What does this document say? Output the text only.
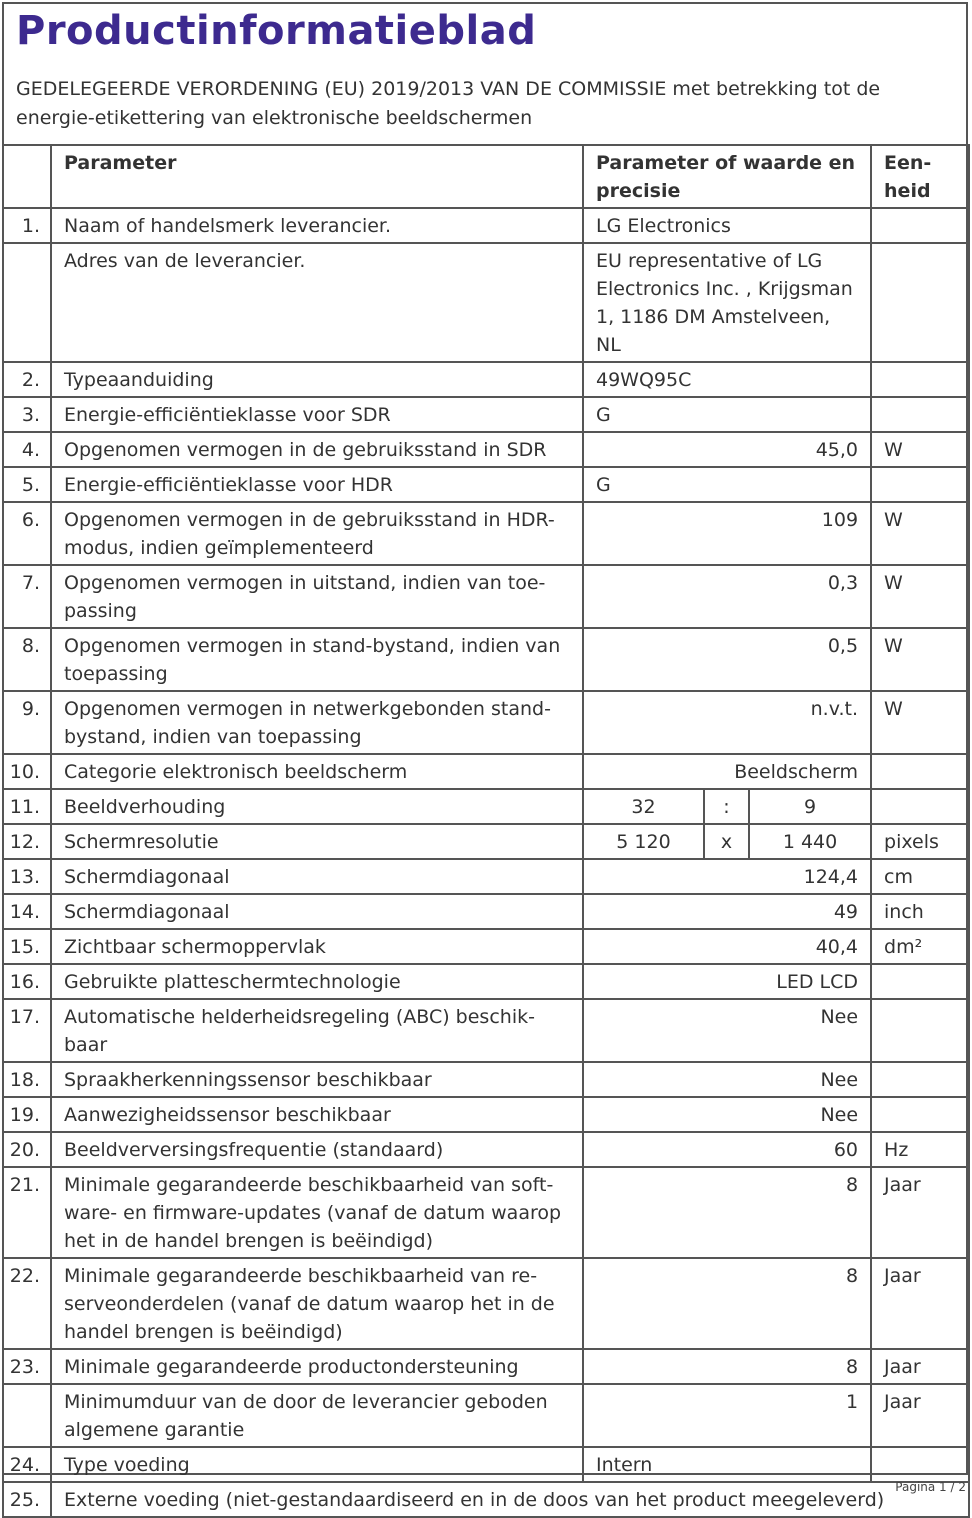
Productinformatieblad
GEDELEGEERDE VERORDENING (EU) 2019/2013 VAN DE COMMISSIE met betrekking tot de energie-etikettering van elektronische beeldschermen
	Parameter	Parameter of waarde en precisie			Een-heid
1.	Naam of handelsmerk leverancier.	LG Electronics			
	Adres van de leverancier.	EU representative of LG Electronics Inc. , Krijgsman 1, 1186 DM Amstelveen, NL			
2.	Typeaanduiding	49WQ95C			
3.	Energie-efficiëntieklasse voor SDR	G			
4.	Opgenomen vermogen in de gebruiksstand in SDR	45,0			W
5.	Energie-efficiëntieklasse voor HDR	G			
6.	Opgenomen vermogen in de gebruiksstand in HDR-modus, indien geïmplementeerd	109			W
7.	Opgenomen vermogen in uitstand, indien van toe-passing	0,3			W
8.	Opgenomen vermogen in stand-bystand, indien van toepassing	0,5			W
9.	Opgenomen vermogen in netwerkgebonden stand-bystand, indien van toepassing	n.v.t.			W
10.	Categorie elektronisch beeldscherm	Beeldscherm			
11.	Beeldverhouding	32	:	9	
12.	Schermresolutie	5 120	x	1 440	pixels
13.	Schermdiagonaal	124,4			cm
14.	Schermdiagonaal	49			inch
15.	Zichtbaar schermoppervlak	40,4			dm²
16.	Gebruikte platteschermtechnologie	LED LCD			
17.	Automatische helderheidsregeling (ABC) beschik-baar	Nee			
18.	Spraakherkenningssensor beschikbaar	Nee			
19.	Aanwezigheidssensor beschikbaar	Nee			
20.	Beeldverversingsfrequentie (standaard)	60			Hz
21.	Minimale gegarandeerde beschikbaarheid van soft-ware- en firmware-updates (vanaf de datum waarop het in de handel brengen is beëindigd)	8			Jaar
22.	Minimale gegarandeerde beschikbaarheid van re-serveonderdelen (vanaf de datum waarop het in de handel brengen is beëindigd)	8			Jaar
23.	Minimale gegarandeerde productondersteuning	8			Jaar
	Minimumduur van de door de leverancier geboden algemene garantie	1			Jaar
24.	Type voeding	Intern			
25.	Externe voeding (niet-gestandaardiseerd en in de doos van het product meegeleverd)				
Pagina 1 / 2
